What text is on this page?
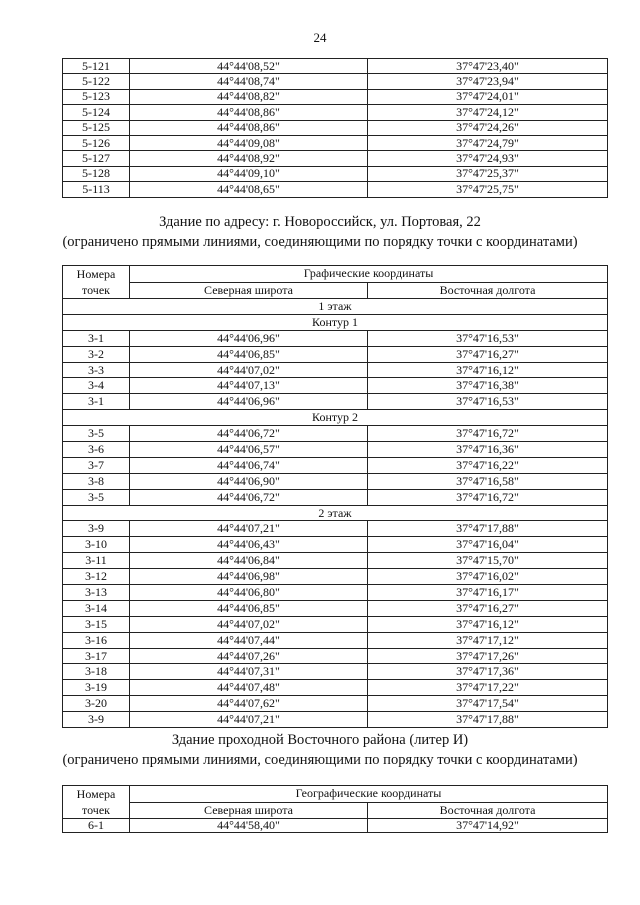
24
5-121	44°44'08,52"	37°47'23,40"
5-122	44°44'08,74"	37°47'23,94"
5-123	44°44'08,82"	37°47'24,01"
5-124	44°44'08,86"	37°47'24,12"
5-125	44°44'08,86"	37°47'24,26"
5-126	44°44'09,08"	37°47'24,79"
5-127	44°44'08,92"	37°47'24,93"
5-128	44°44'09,10"	37°47'25,37"
5-113	44°44'08,65"	37°47'25,75"
Здание по адресу: г. Новороссийск, ул. Портовая, 22
(ограничено прямыми линиями, соединяющими по порядку точки с координатами)
Номера точек	Графические координаты	
	Северная широта	Восточная долгота
1 этаж		
Контур 1		
3-1	44°44'06,96"	37°47'16,53"
3-2	44°44'06,85"	37°47'16,27"
3-3	44°44'07,02"	37°47'16,12"
3-4	44°44'07,13"	37°47'16,38"
3-1	44°44'06,96"	37°47'16,53"
Контур 2		
3-5	44°44'06,72"	37°47'16,72"
3-6	44°44'06,57"	37°47'16,36"
3-7	44°44'06,74"	37°47'16,22"
3-8	44°44'06,90"	37°47'16,58"
3-5	44°44'06,72"	37°47'16,72"
2 этаж		
3-9	44°44'07,21"	37°47'17,88"
3-10	44°44'06,43"	37°47'16,04"
3-11	44°44'06,84"	37°47'15,70"
3-12	44°44'06,98"	37°47'16,02"
3-13	44°44'06,80"	37°47'16,17"
3-14	44°44'06,85"	37°47'16,27"
3-15	44°44'07,02"	37°47'16,12"
3-16	44°44'07,44"	37°47'17,12"
3-17	44°44'07,26"	37°47'17,26"
3-18	44°44'07,31"	37°47'17,36"
3-19	44°44'07,48"	37°47'17,22"
3-20	44°44'07,62"	37°47'17,54"
3-9	44°44'07,21"	37°47'17,88"
Здание проходной Восточного района (литер И)
(ограничено прямыми линиями, соединяющими по порядку точки с координатами)
Номера точек	Географические координаты	
	Северная широта	Восточная долгота
6-1	44°44'58,40"	37°47'14,92"
